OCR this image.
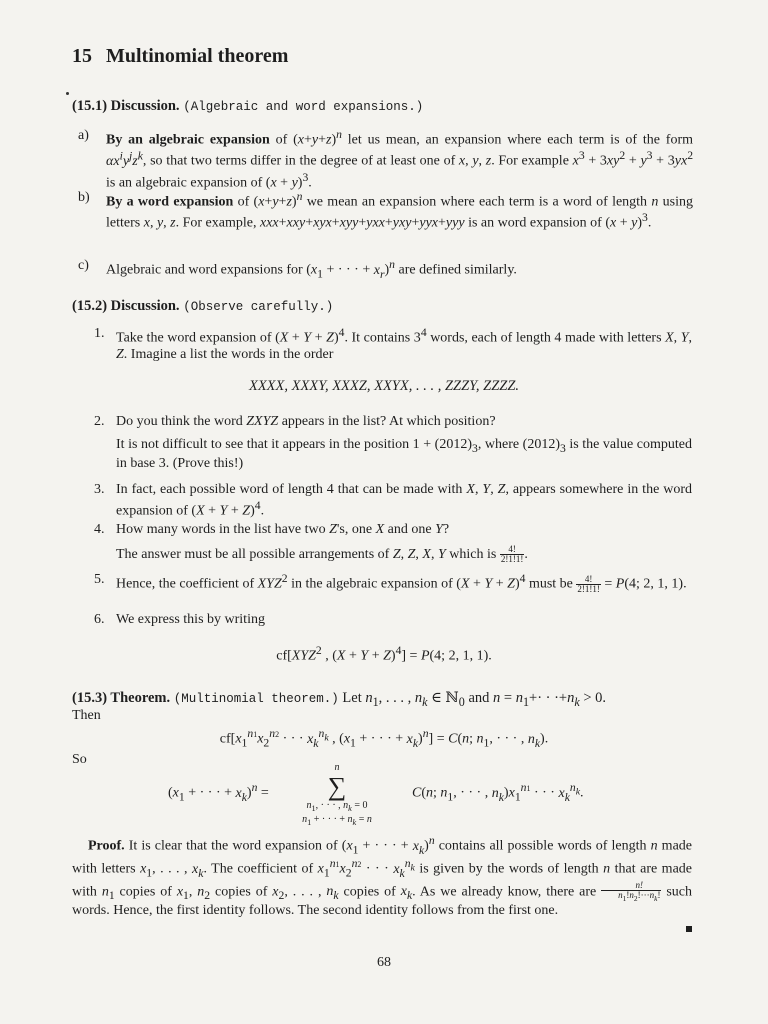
15 Multinomial theorem
(15.1) Discussion. (Algebraic and word expansions.)
a) By an algebraic expansion of $(x+y+z)^n$ let us mean, an expansion where each term is of the form $\alpha x^iy^jz^k$, so that two terms differ in the degree of at least one of x, y, z. For example $x^3 + 3xy^2 + y^3 + 3yx^2$ is an algebraic expansion of $(x + y)^3$.
b) By a word expansion of $(x+y+z)^n$ we mean an expansion where each term is a word of length n using letters x, y, z. For example, xxx+xxy+xyx+xyy+yxx+yxy+yyx+yyy is an word expansion of $(x + y)^3$.
c) Algebraic and word expansions for ($x_1$ + · · · + $x_r)^n$ are defined similarly.
(15.2) Discussion. (Observe carefully.)
1. Take the word expansion of $(X + Y + Z)^4$. It contains $3^4$ words, each of length 4 made with letters X, Y, Z. Imagine a list the words in the order
XXXX, XXXY, XXXZ, XXYX, . . . , ZZZY, ZZZZ.
2. Do you think the word ZXYZ appears in the list? At which position?
It is not difficult to see that it appears in the position $1 + (2012)_3$, where $(2012)_3$ is the value computed in base 3. (Prove this!)
3. In fact, each possible word of length 4 that can be made with X, Y, Z, appears somewhere in the word expansion of $(X + Y + Z)^4$.
4. How many words in the list have two Z's, one X and one Y?
The answer must be all possible arrangements of Z, Z, X, Y which is $\frac{4!}{2!1!1!}$ .
5. Hence, the coefficient of XYZ$^2$ in the algebraic expansion of $(X + Y + Z)^4$ must be $\frac{4!}{2!1!1!} = P(4$; 2, 1, 1).
6. We express this by writing
cf[XYZ$^2$ , $(X + Y + Z)^4] = P(4$; 2, 1, 1).
(15.3) Theorem. (Multinomial theorem.) Let $n_1$, . . . , $n_k$ ∈ ℕ$_0$ and $n = n_1+\cdot \cdot \cdot+n_k > 0$.
Then
$cf[x_1^{n1}x_2^{n2}$ · · · $x_k^{n_k}$ , ($x_1$ + · · · + $x_k)^n] = C(n$; $n_1$, · · · , $n_k$).
So
($x_1$ + · · · + $x_k)^n$ =
n
∑
$n_1$, · · · , $n_k = 0$
$n_1$ + · · · + $n_k = n$
C(n; $n_1$, · · · , $n_k)x_1^{n1}$ · · · $x_k^{n_k}$.
Proof. It is clear that the word expansion of ($x_1$ + · · · + $x_k)^n$ contains all possible words of length n made with letters $x_1$, . . . , $x_k$. The coefficient of $x_1^{n1}x_2^{n2}$ · · · $x_k^{n_k}$ is given by the words of length n that are made with $n_1$ copies of $x_1$, $n_2$ copies of $x_2$, . . . , $n_k$ copies of $x_k$. As we already know, there are $\frac{n!}{n_1!n_2!\cdot\cdot\cdot n_k!}$ such words. Hence, the first identity follows. The second identity follows from the first one.
68
